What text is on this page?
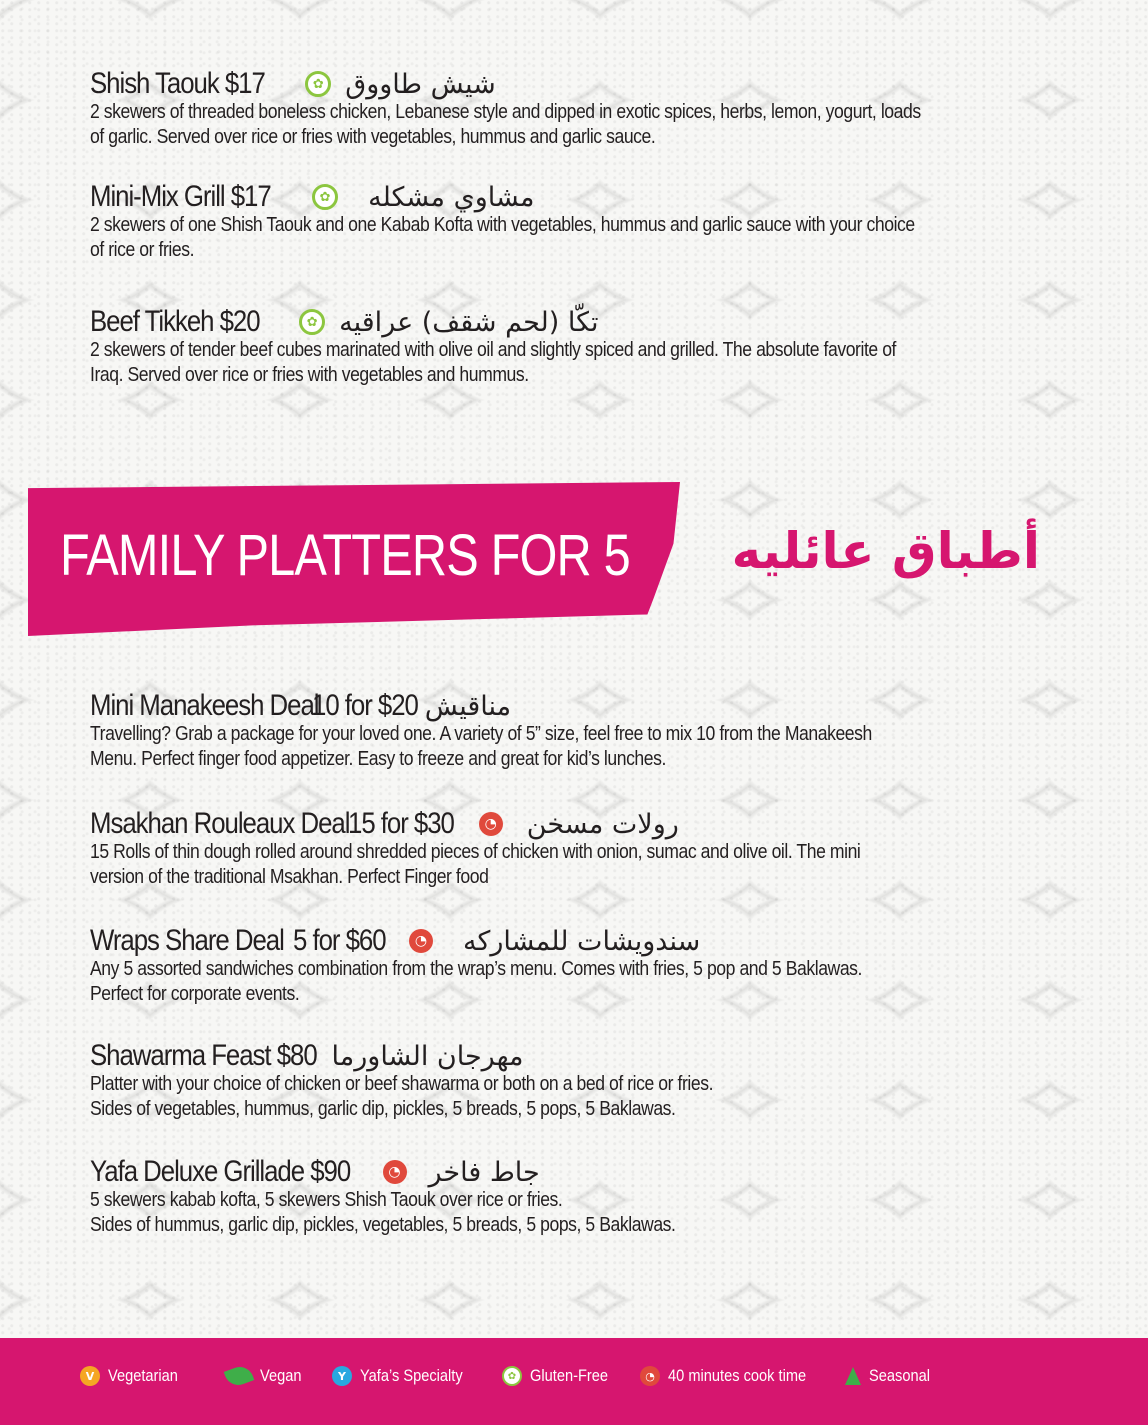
Shish Taouk $17	✿ شيش طاووق
2 skewers of threaded boneless chicken, Lebanese style and dipped in exotic spices, herbs, lemon, yogurt, loads
of garlic. Served over rice or fries with vegetables, hummus and garlic sauce.
Mini-Mix Grill $17	✿ مشاوي مشكله
2 skewers of one Shish Taouk and one Kabab Kofta with vegetables, hummus and garlic sauce with your choice
of rice or fries.
Beef Tikkeh $20	✿ تكّا (لحم شقف) عراقيه
2 skewers of tender beef cubes marinated with olive oil and slightly spiced and grilled. The absolute favorite of
Iraq. Served over rice or fries with vegetables and hummus.
FAMILY PLATTERS FOR 5 أطباق عائليه
Mini Manakeesh Deal
10 for $20 مناقيش
Travelling? Grab a package for your loved one. A variety of 5” size, feel free to mix 10 from the Manakeesh
Menu. Perfect finger food appetizer. Easy to freeze and great for kid’s lunches.
Msakhan Rouleaux Deal
15 for $30	◔ رولات مسخن
15 Rolls of thin dough rolled around shredded pieces of chicken with onion, sumac and olive oil. The mini
version of the traditional Msakhan. Perfect Finger food
Wraps Share Deal 5 for $60	◔ سندويشات للمشاركه
Any 5 assorted sandwiches combination from the wrap’s menu. Comes with fries, 5 pop and 5 Baklawas.
Perfect for corporate events.
Shawarma Feast $80 مهرجان الشاورما
Platter with your choice of chicken or beef shawarma or both on a bed of rice or fries.
Sides of vegetables, hummus, garlic dip, pickles, 5 breads, 5 pops, 5 Baklawas.
Yafa Deluxe Grillade $90	◔ جاط فاخر
5 skewers kabab kofta, 5 skewers Shish Taouk over rice or fries.
Sides of hummus, garlic dip, pickles, vegetables, 5 breads, 5 pops, 5 Baklawas.
V Vegetarian	Vegan	Y Yafa’s Specialty	✿ Gluten-Free	◔ 40 minutes cook time	Seasonal
